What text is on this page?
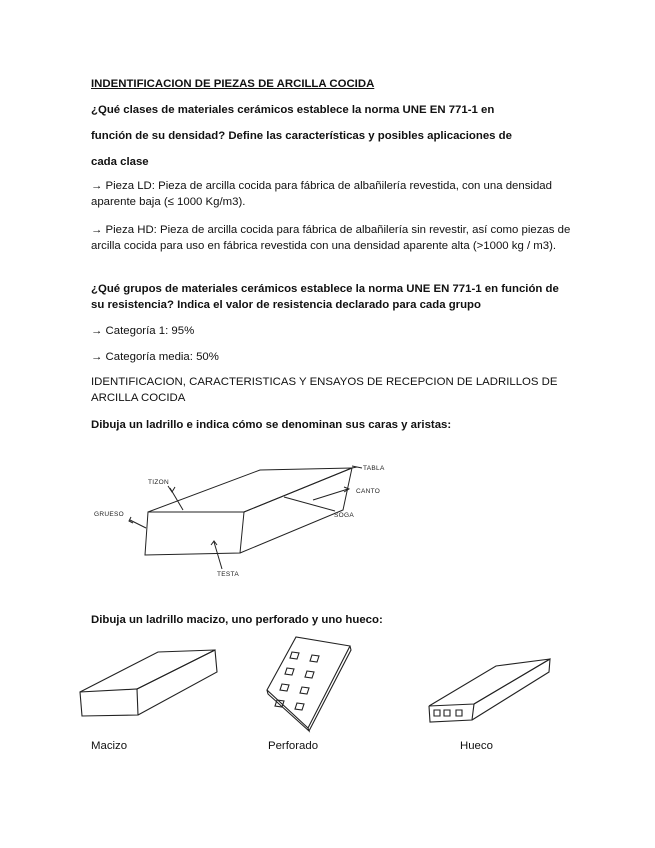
INDENTIFICACION DE PIEZAS DE ARCILLA COCIDA
¿Qué clases de materiales cerámicos establece la norma UNE EN 771-1 en
función de su densidad? Define las características y posibles aplicaciones de
cada clase
→ Pieza LD: Pieza de arcilla cocida para fábrica de albañilería revestida, con una densidad aparente baja (≤ 1000 Kg/m3).
→ Pieza HD: Pieza de arcilla cocida para fábrica de albañilería sin revestir, así como piezas de arcilla cocida para uso en fábrica revestida con una densidad aparente alta (>1000 kg / m3).
¿Qué grupos de materiales cerámicos establece la norma UNE EN 771-1 en función de su resistencia? Indica el valor de resistencia declarado para cada grupo
→ Categoría 1: 95%
→ Categoría media: 50%
IDENTIFICACION, CARACTERISTICAS Y ENSAYOS DE RECEPCION DE LADRILLOS DE ARCILLA COCIDA
Dibuja un ladrillo e indica cómo se denominan sus caras y aristas:
TIZON
TABLA
CANTO
GRUESO	SOGA
TESTA
Dibuja un ladrillo macizo, uno perforado y uno hueco:
Macizo	Perforado	Hueco
